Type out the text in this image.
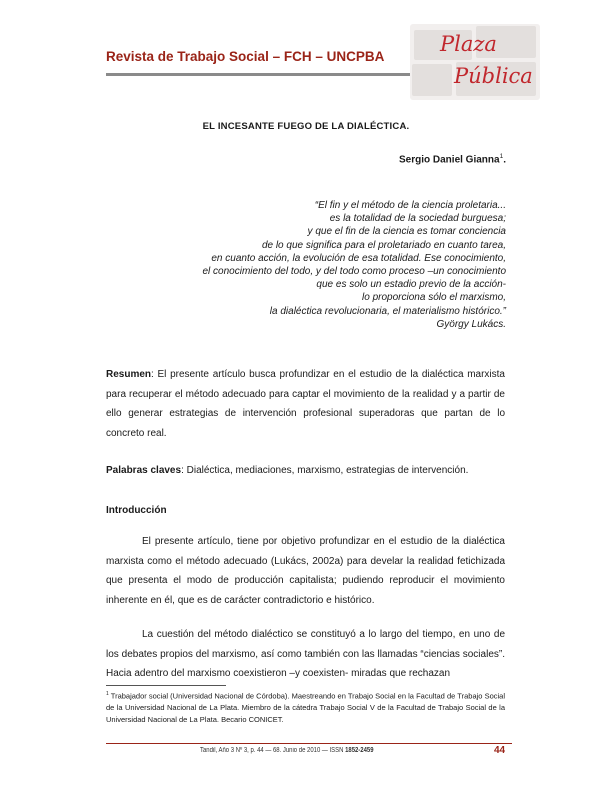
Revista de Trabajo Social – FCH – UNCPBA
Plaza
Pública
EL INCESANTE FUEGO DE LA DIALÉCTICA.
Sergio Daniel Gianna$^1$.
“El fin y el método de la ciencia proletaria...
es la totalidad de la sociedad burguesa;
y que el fin de la ciencia es tomar conciencia
de lo que significa para el proletariado en cuanto tarea,
en cuanto acción, la evolución de esa totalidad. Ese conocimiento,
el conocimiento del todo, y del todo como proceso –un conocimiento
que es solo un estadio previo de la acción-
lo proporciona sólo el marxismo,
la dialéctica revolucionaria, el materialismo histórico.”
György Lukács.
Resumen: El presente artículo busca profundizar en el estudio de la dialéctica marxista para recuperar el método adecuado para captar el movimiento de la realidad y a partir de ello generar estrategias de intervención profesional superadoras que partan de lo concreto real.
Palabras claves: Dialéctica, mediaciones, marxismo, estrategias de intervención.
Introducción
El presente artículo, tiene por objetivo profundizar en el estudio de la dialéctica marxista como el método adecuado (Lukács, 2002a) para develar la realidad fetichizada que presenta el modo de producción capitalista; pudiendo reproducir el movimiento inherente en él, que es de carácter contradictorio e histórico.
La cuestión del método dialéctico se constituyó a lo largo del tiempo, en uno de los debates propios del marxismo, así como también con las llamadas “ciencias sociales”. Hacia adentro del marxismo coexistieron –y coexisten- miradas que rechazan
$^1$ Trabajador social (Universidad Nacional de Córdoba). Maestreando en Trabajo Social en la Facultad de Trabajo Social de la Universidad Nacional de La Plata. Miembro de la cátedra Trabajo Social V de la Facultad de Trabajo Social de la Universidad Nacional de La Plata. Becario CONICET.
Tandil, Año 3 Nº 3, p. 44 — 68. Junio de 2010 — ISSN 1852-2459	44
